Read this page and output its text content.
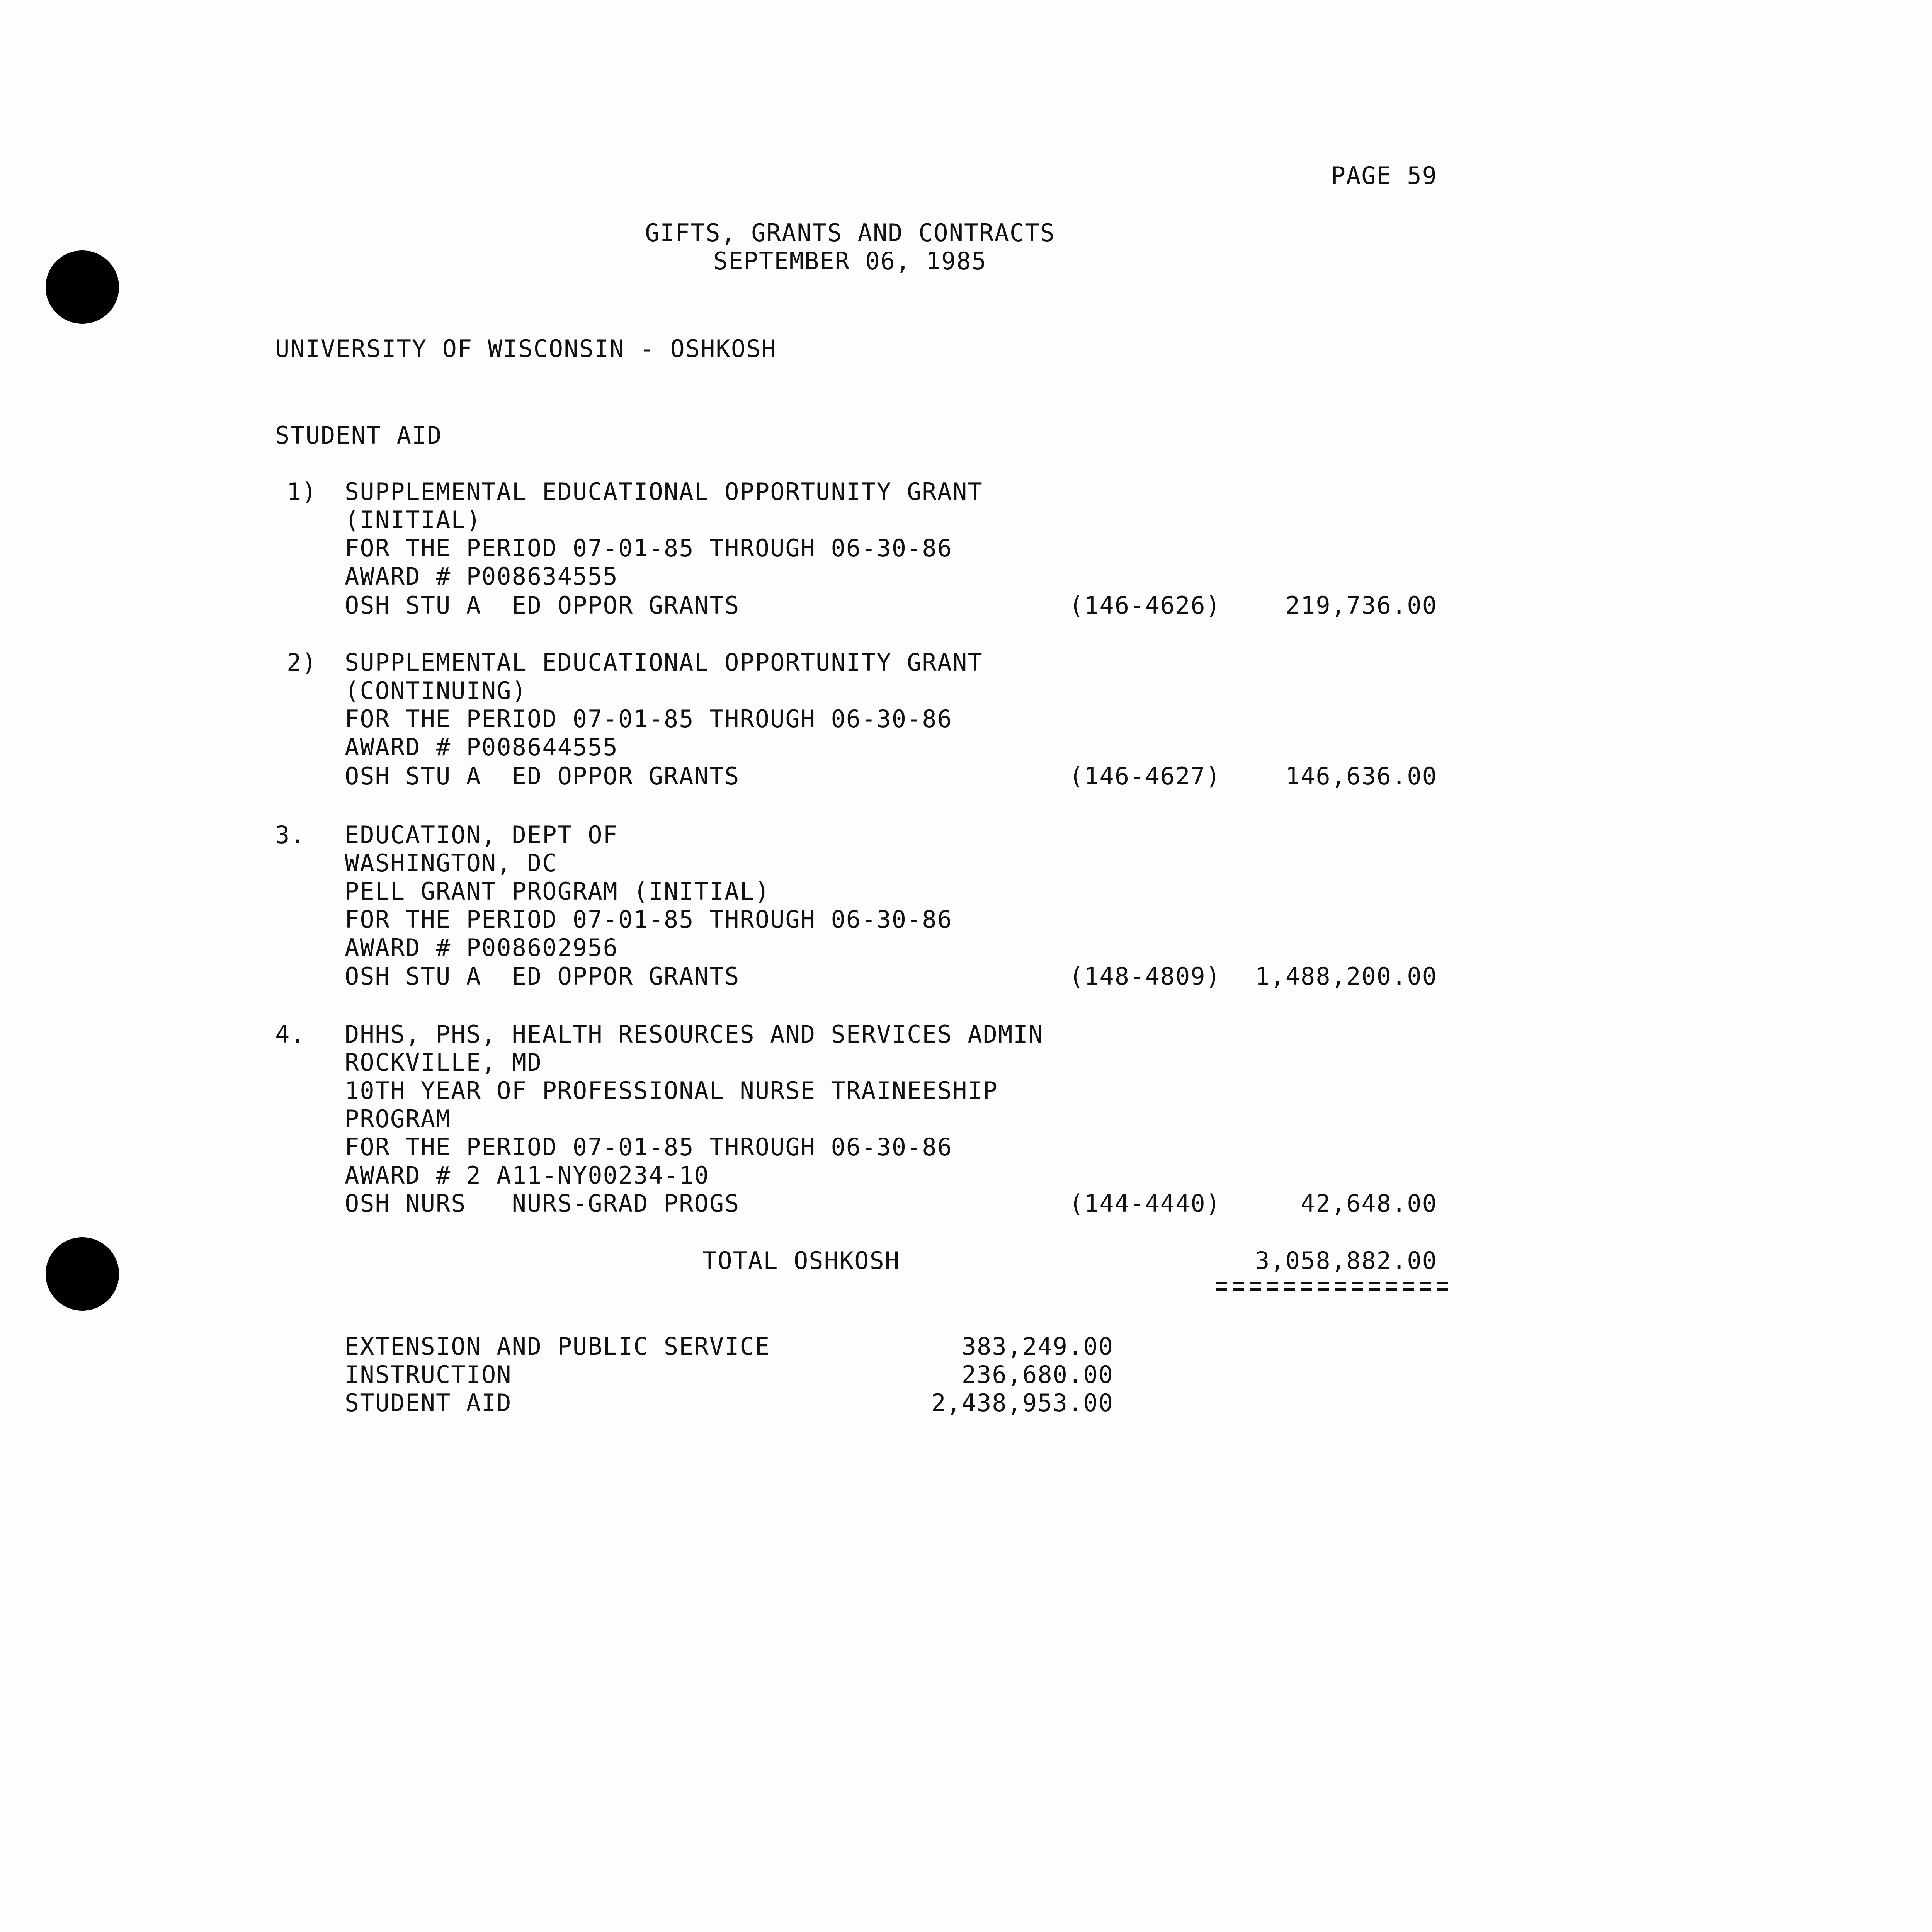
PAGE 59
GIFTS, GRANTS AND CONTRACTS
SEPTEMBER 06, 1985
UNIVERSITY OF WISCONSIN - OSHKOSH
STUDENT AID
1)	SUPPLEMENTAL EDUCATIONAL OPPORTUNITY GRANT
(INITIAL)
FOR THE PERIOD 07-01-85 THROUGH 06-30-86
AWARD # P008634555
OSH STU A  ED OPPOR GRANTS	(146-4626)	219,736.00
2)	SUPPLEMENTAL EDUCATIONAL OPPORTUNITY GRANT
(CONTINUING)
FOR THE PERIOD 07-01-85 THROUGH 06-30-86
AWARD # P008644555
OSH STU A  ED OPPOR GRANTS	(146-4627)	146,636.00
3.	EDUCATION, DEPT OF
WASHINGTON, DC
PELL GRANT PROGRAM (INITIAL)
FOR THE PERIOD 07-01-85 THROUGH 06-30-86
AWARD # P008602956
OSH STU A  ED OPPOR GRANTS	(148-4809)	1,488,200.00
4.	DHHS, PHS, HEALTH RESOURCES AND SERVICES ADMIN
ROCKVILLE, MD
10TH YEAR OF PROFESSIONAL NURSE TRAINEESHIP
PROGRAM
FOR THE PERIOD 07-01-85 THROUGH 06-30-86
AWARD # 2 A11-NY00234-10
OSH NURS   NURS-GRAD PROGS	(144-4440)	42,648.00
TOTAL OSHKOSH	3,058,882.00
EXTENSION AND PUBLIC SERVICE	383,249.00
INSTRUCTION	236,680.00
STUDENT AID	2,438,953.00
